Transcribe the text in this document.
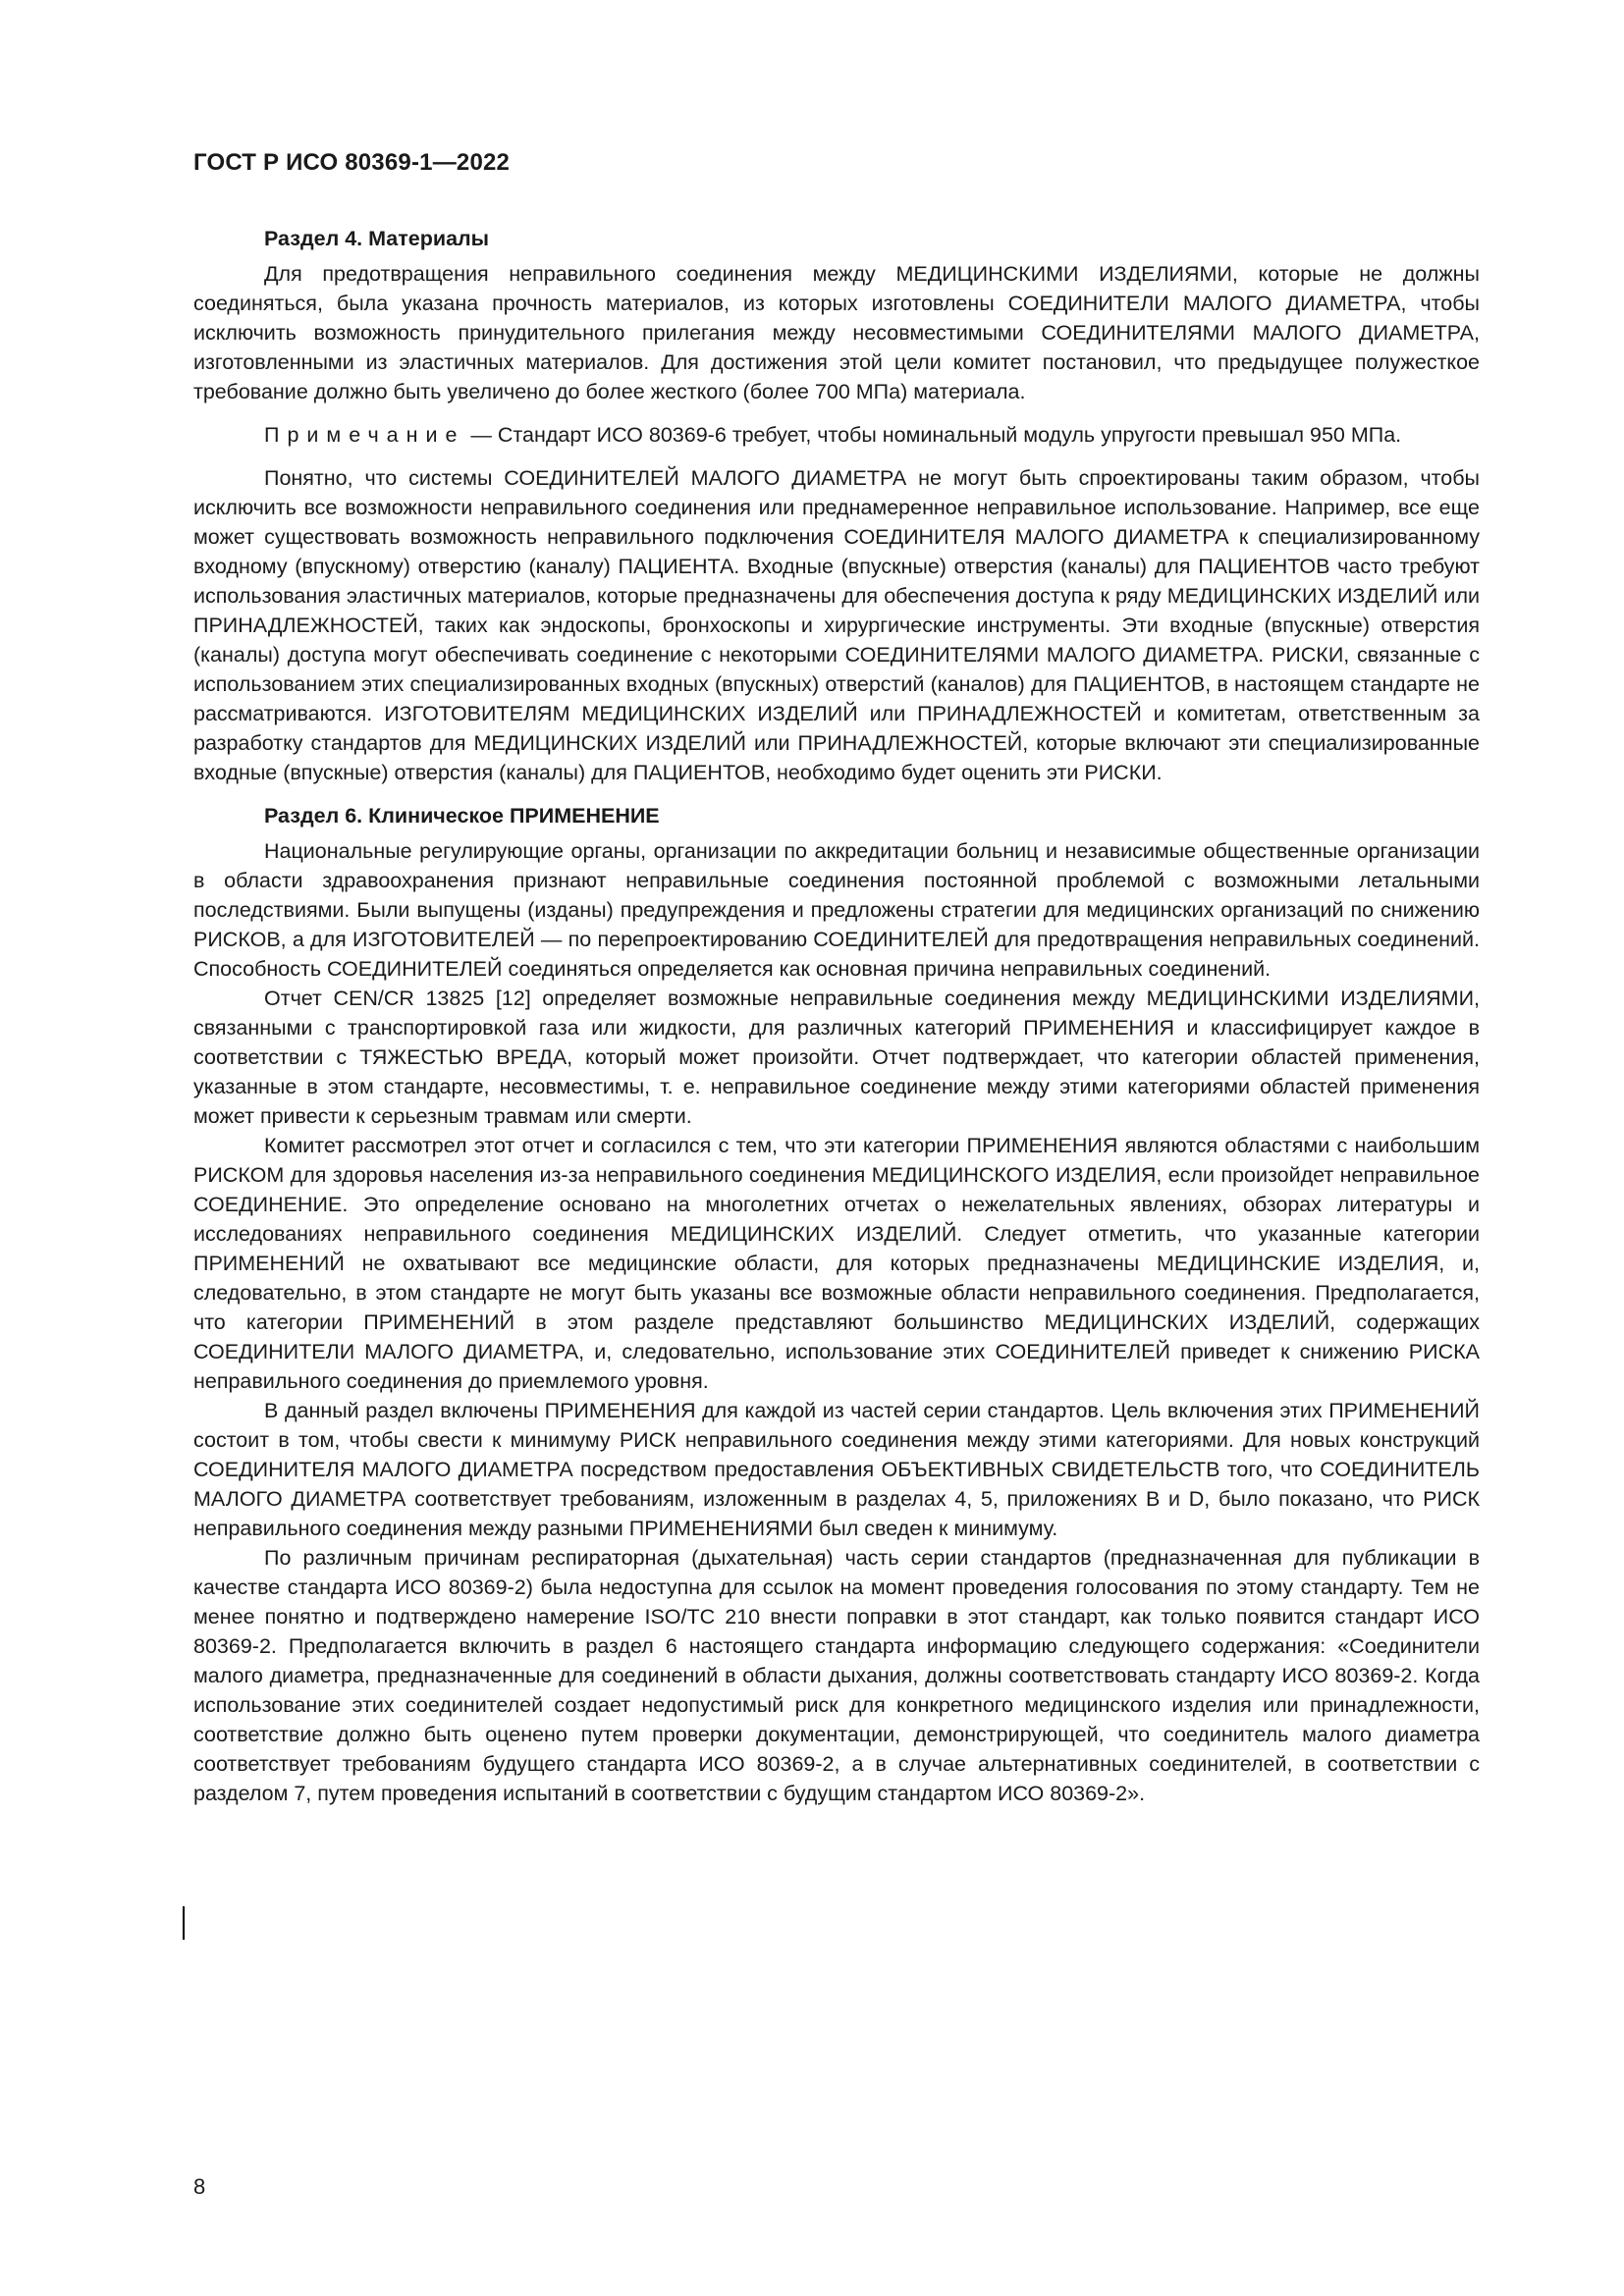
ГОСТ Р ИСО 80369-1—2022
Раздел 4. Материалы

Для предотвращения неправильного соединения между МЕДИЦИНСКИМИ ИЗДЕЛИЯМИ, которые не должны соединяться, была указана прочность материалов, из которых изготовлены СОЕДИНИТЕЛИ МАЛОГО ДИАМЕТРА, чтобы исключить возможность принудительного прилегания между несовместимыми СОЕДИНИТЕЛЯМИ МАЛОГО ДИАМЕТРА, изготовленными из эластичных материалов. Для достижения этой цели комитет постановил, что предыдущее полужесткое требование должно быть увеличено до более жесткого (более 700 МПа) материала.

Примечание — Стандарт ИСО 80369-6 требует, чтобы номинальный модуль упругости превышал 950 МПа.

Понятно, что системы СОЕДИНИТЕЛЕЙ МАЛОГО ДИАМЕТРА не могут быть спроектированы таким образом, чтобы исключить все возможности неправильного соединения или преднамеренное неправильное использование. Например, все еще может существовать возможность неправильного подключения СОЕДИНИТЕЛЯ МАЛОГО ДИАМЕТРА к специализированному входному (впускному) отверстию (каналу) ПАЦИЕНТА. Входные (впускные) отверстия (каналы) для ПАЦИЕНТОВ часто требуют использования эластичных материалов, которые предназначены для обеспечения доступа к ряду МЕДИЦИНСКИХ ИЗДЕЛИЙ или ПРИНАДЛЕЖНОСТЕЙ, таких как эндоскопы, бронхоскопы и хирургические инструменты. Эти входные (впускные) отверстия (каналы) доступа могут обеспечивать соединение с некоторыми СОЕДИНИТЕЛЯМИ МАЛОГО ДИАМЕТРА. РИСКИ, связанные с использованием этих специализированных входных (впускных) отверстий (каналов) для ПАЦИЕНТОВ, в настоящем стандарте не рассматриваются. ИЗГОТОВИТЕЛЯМ МЕДИЦИНСКИХ ИЗДЕЛИЙ или ПРИНАДЛЕЖНОСТЕЙ и комитетам, ответственным за разработку стандартов для МЕДИЦИНСКИХ ИЗДЕЛИЙ или ПРИНАДЛЕЖНОСТЕЙ, которые включают эти специализированные входные (впускные) отверстия (каналы) для ПАЦИЕНТОВ, необходимо будет оценить эти РИСКИ.

Раздел 6. Клиническое ПРИМЕНЕНИЕ

Национальные регулирующие органы, организации по аккредитации больниц и независимые общественные организации в области здравоохранения признают неправильные соединения постоянной проблемой с возможными летальными последствиями. Были выпущены (изданы) предупреждения и предложены стратегии для медицинских организаций по снижению РИСКОВ, а для ИЗГОТОВИТЕЛЕЙ — по перепроектированию СОЕДИНИТЕЛЕЙ для предотвращения неправильных соединений. Способность СОЕДИНИТЕЛЕЙ соединяться определяется как основная причина неправильных соединений.

Отчет CEN/CR 13825 [12] определяет возможные неправильные соединения между МЕДИЦИНСКИМИ ИЗДЕЛИЯМИ, связанными с транспортировкой газа или жидкости, для различных категорий ПРИМЕНЕНИЯ и классифицирует каждое в соответствии с ТЯЖЕСТЬЮ ВРЕДА, который может произойти. Отчет подтверждает, что категории областей применения, указанные в этом стандарте, несовместимы, т. е. неправильное соединение между этими категориями областей применения может привести к серьезным травмам или смерти.

Комитет рассмотрел этот отчет и согласился с тем, что эти категории ПРИМЕНЕНИЯ являются областями с наибольшим РИСКОМ для здоровья населения из-за неправильного соединения МЕДИЦИНСКОГО ИЗДЕЛИЯ, если произойдет неправильное СОЕДИНЕНИЕ. Это определение основано на многолетних отчетах о нежелательных явлениях, обзорах литературы и исследованиях неправильного соединения МЕДИЦИНСКИХ ИЗДЕЛИЙ. Следует отметить, что указанные категории ПРИМЕНЕНИЙ не охватывают все медицинские области, для которых предназначены МЕДИЦИНСКИЕ ИЗДЕЛИЯ, и, следовательно, в этом стандарте не могут быть указаны все возможные области неправильного соединения. Предполагается, что категории ПРИМЕНЕНИЙ в этом разделе представляют большинство МЕДИЦИНСКИХ ИЗДЕЛИЙ, содержащих СОЕДИНИТЕЛИ МАЛОГО ДИАМЕТРА, и, следовательно, использование этих СОЕДИНИТЕЛЕЙ приведет к снижению РИСКА неправильного соединения до приемлемого уровня.

В данный раздел включены ПРИМЕНЕНИЯ для каждой из частей серии стандартов. Цель включения этих ПРИМЕНЕНИЙ состоит в том, чтобы свести к минимуму РИСК неправильного соединения между этими категориями. Для новых конструкций СОЕДИНИТЕЛЯ МАЛОГО ДИАМЕТРА посредством предоставления ОБЪЕКТИВНЫХ СВИДЕТЕЛЬСТВ того, что СОЕДИНИТЕЛЬ МАЛОГО ДИАМЕТРА соответствует требованиям, изложенным в разделах 4, 5, приложениях B и D, было показано, что РИСК неправильного соединения между разными ПРИМЕНЕНИЯМИ был сведен к минимуму.

По различным причинам респираторная (дыхательная) часть серии стандартов (предназначенная для публикации в качестве стандарта ИСО 80369-2) была недоступна для ссылок на момент проведения голосования по этому стандарту. Тем не менее понятно и подтверждено намерение ISO/TC 210 внести поправки в этот стандарт, как только появится стандарт ИСО 80369-2. Предполагается включить в раздел 6 настоящего стандарта информацию следующего содержания: «Соединители малого диаметра, предназначенные для соединений в области дыхания, должны соответствовать стандарту ИСО 80369-2. Когда использование этих соединителей создает недопустимый риск для конкретного медицинского изделия или принадлежности, соответствие должно быть оценено путем проверки документации, демонстрирующей, что соединитель малого диаметра соответствует требованиям будущего стандарта ИСО 80369-2, а в случае альтернативных соединителей, в соответствии с разделом 7, путем проведения испытаний в соответствии с будущим стандартом ИСО 80369-2».

8
